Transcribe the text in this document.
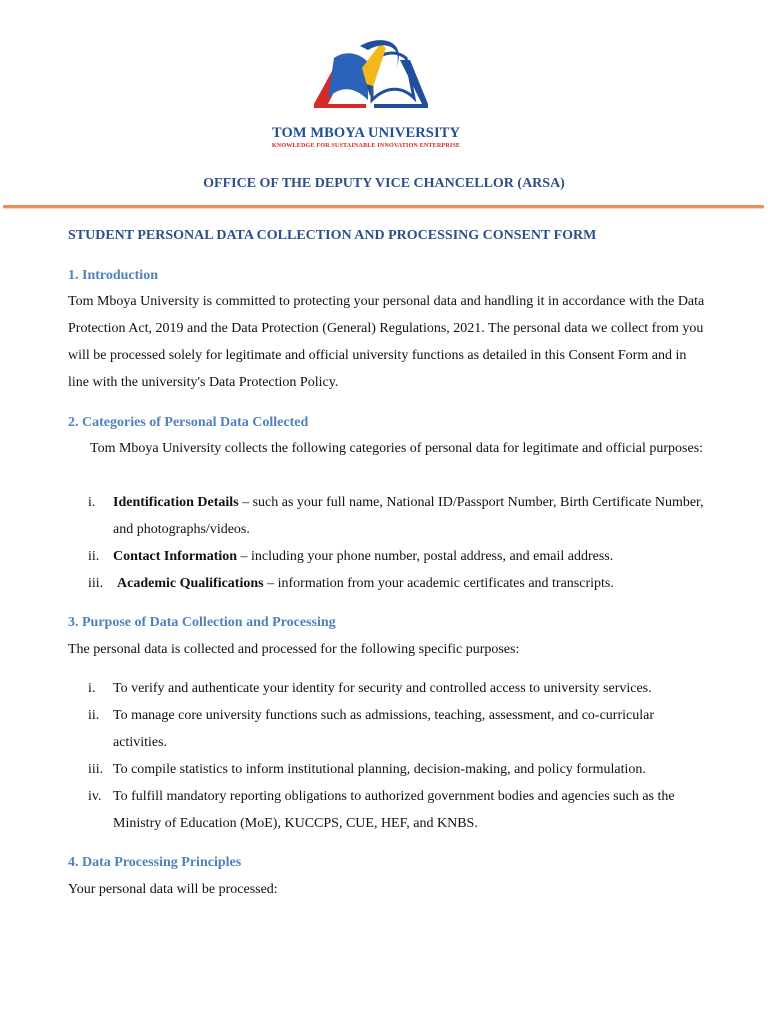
TOM MBOYA UNIVERSITY
KNOWLEDGE FOR SUSTAINABLE INNOVATION ENTERPRISE
OFFICE OF THE DEPUTY VICE CHANCELLOR (ARSA)
STUDENT PERSONAL DATA COLLECTION AND PROCESSING CONSENT FORM
1. Introduction
Tom Mboya University is committed to protecting your personal data and handling it in accordance with the Data Protection Act, 2019 and the Data Protection (General) Regulations, 2021. The personal data we collect from you will be processed solely for legitimate and official university functions as detailed in this Consent Form and in line with the university's Data Protection Policy.
2. Categories of Personal Data Collected
Tom Mboya University collects the following categories of personal data for legitimate and official purposes:
i.	Identification Details – such as your full name, National ID/Passport Number, Birth Certificate Number, and photographs/videos.
ii. Contact Information – including your phone number, postal address, and email address.
iii. Academic Qualifications – information from your academic certificates and transcripts.
3. Purpose of Data Collection and Processing
The personal data is collected and processed for the following specific purposes:
i.	To verify and authenticate your identity for security and controlled access to university services.
ii. To manage core university functions such as admissions, teaching, assessment, and co-curricular activities.
iii. To compile statistics to inform institutional planning, decision-making, and policy formulation.
iv. To fulfill mandatory reporting obligations to authorized government bodies and agencies such as the Ministry of Education (MoE), KUCCPS, CUE, HEF, and KNBS.
4. Data Processing Principles
Your personal data will be processed:
